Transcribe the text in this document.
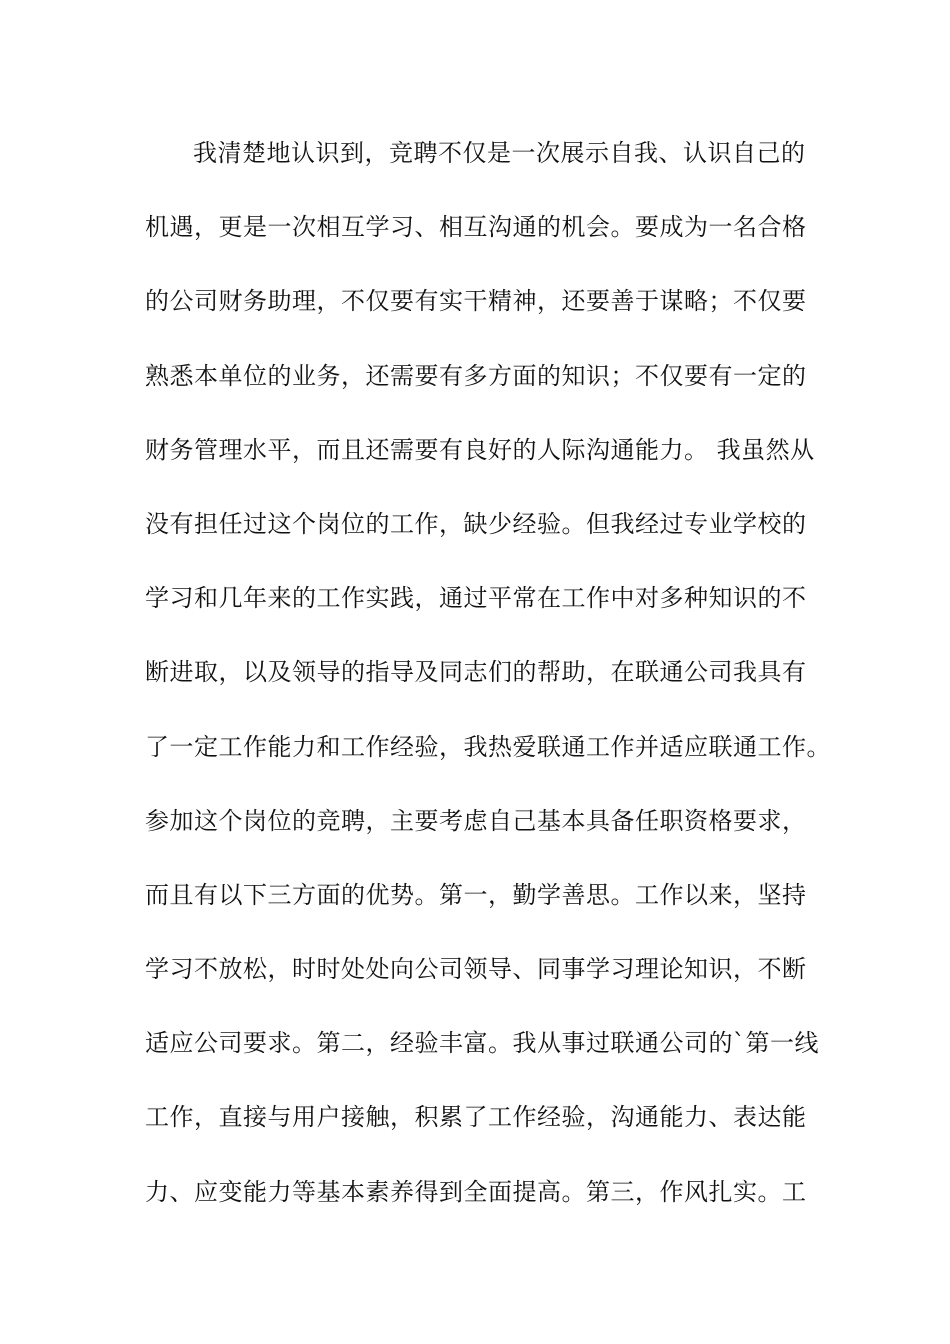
我清楚地认识到，竞聘不仅是一次展示自我、认识自己的
机遇，更是一次相互学习、相互沟通的机会。要成为一名合格
的公司财务助理，不仅要有实干精神，还要善于谋略；不仅要
熟悉本单位的业务，还需要有多方面的知识；不仅要有一定的
财务管理水平，而且还需要有良好的人际沟通能力。 我虽然从
没有担任过这个岗位的工作，缺少经验。但我经过专业学校的
学习和几年来的工作实践，通过平常在工作中对多种知识的不
断进取，以及领导的指导及同志们的帮助，在联通公司我具有
了一定工作能力和工作经验，我热爱联通工作并适应联通工作。
参加这个岗位的竞聘，主要考虑自己基本具备任职资格要求，
而且有以下三方面的优势。第一，勤学善思。工作以来，坚持
学习不放松，时时处处向公司领导、同事学习理论知识，不断
适应公司要求。第二，经验丰富。我从事过联通公司的`第一线
工作，直接与用户接触，积累了工作经验，沟通能力、表达能
力、应变能力等基本素养得到全面提高。第三，作风扎实。工
